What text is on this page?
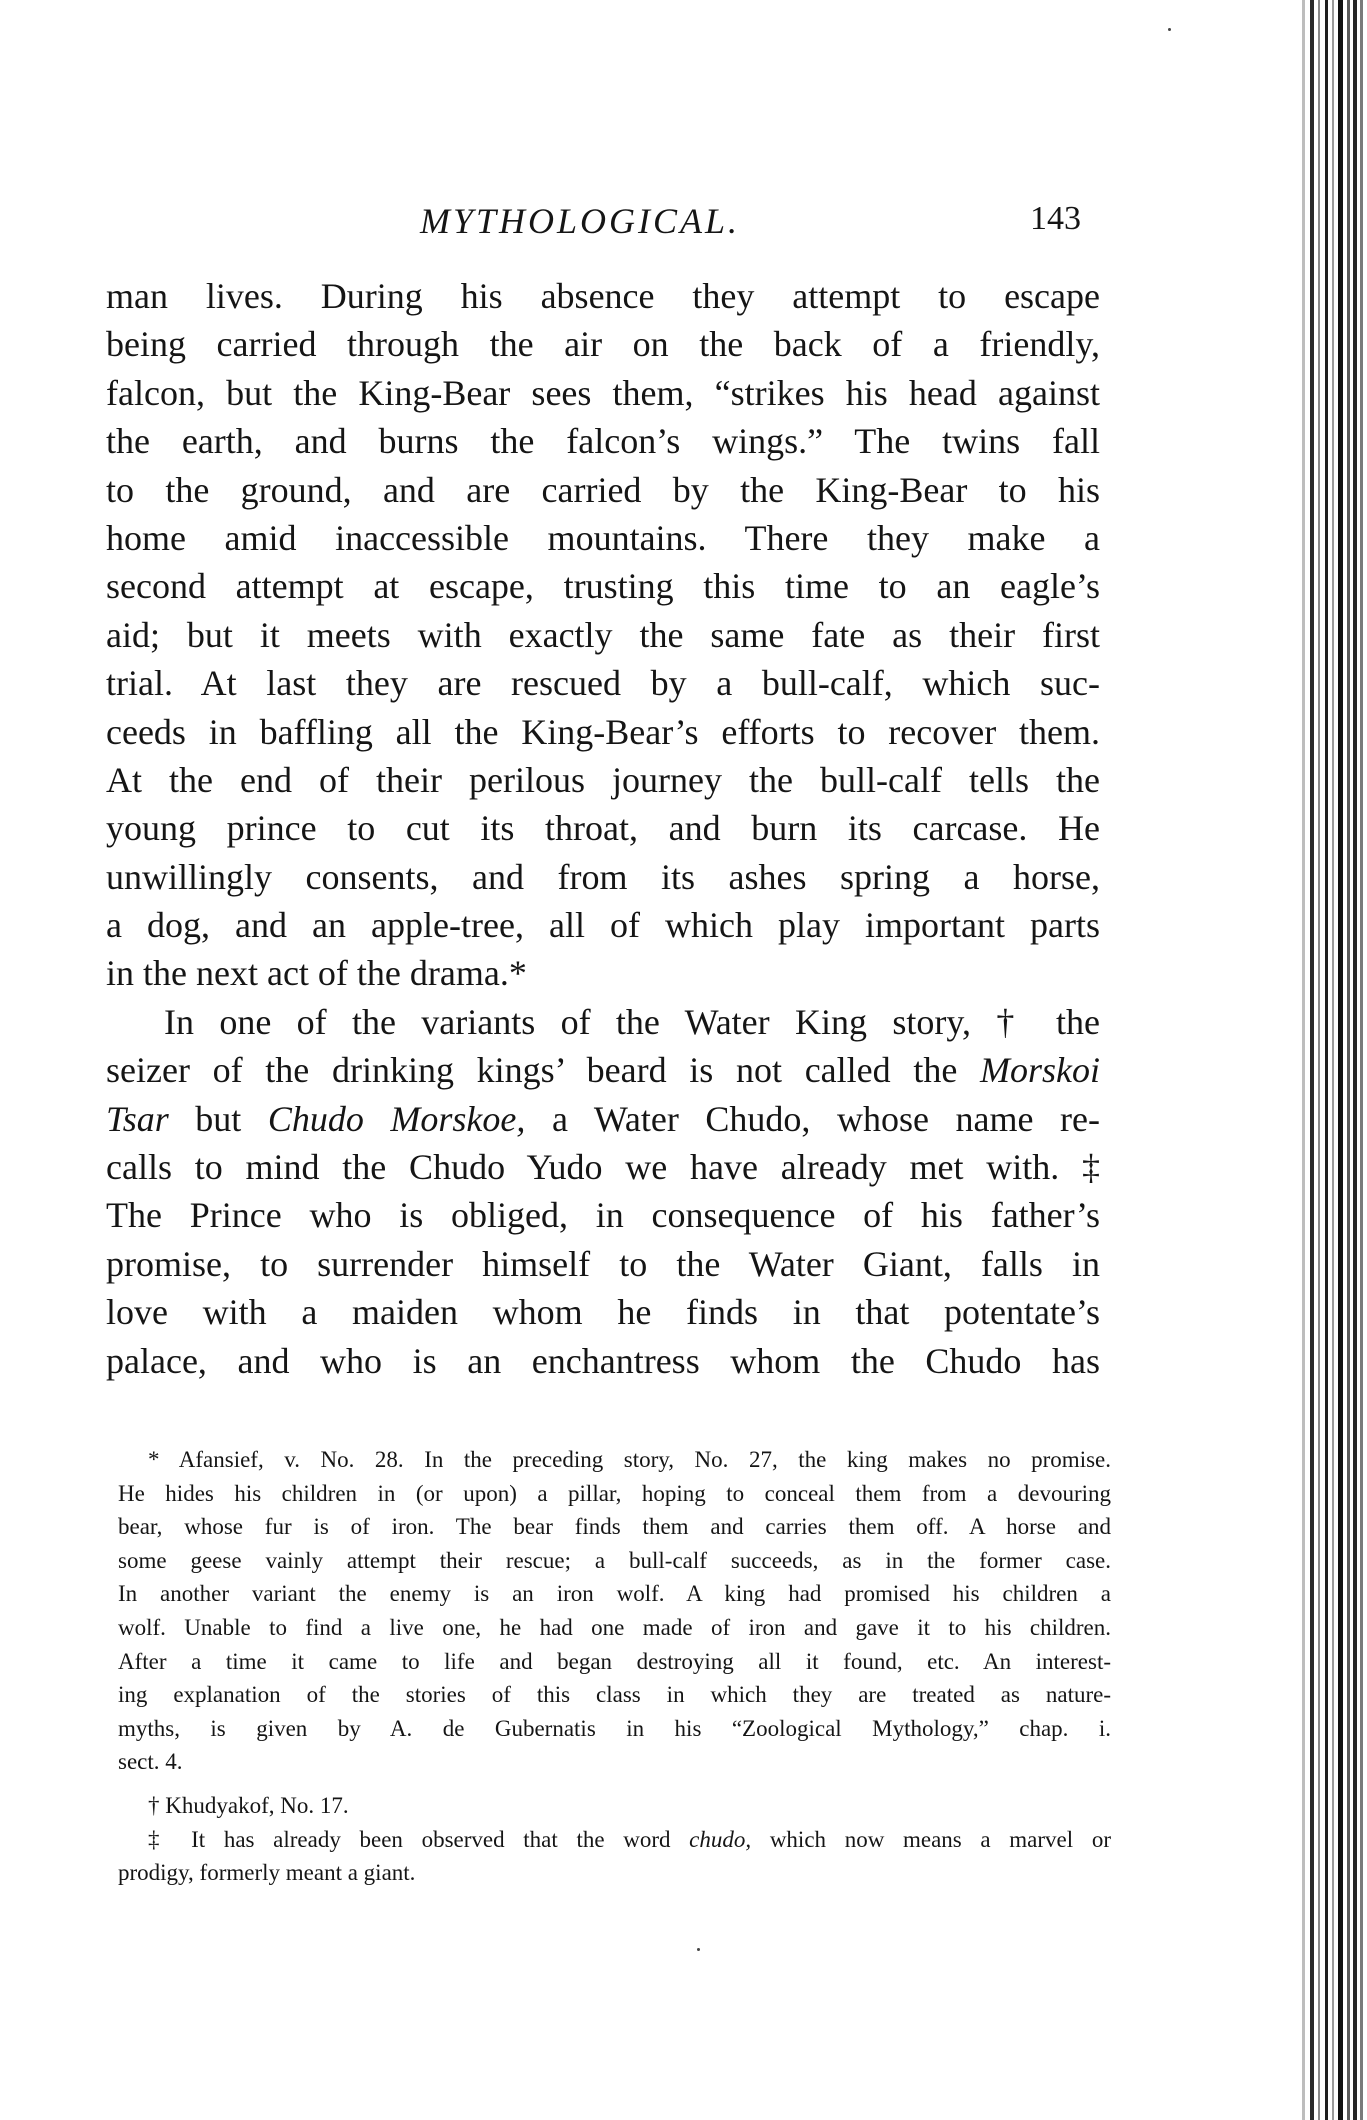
MYTHOLOGICAL.	143
man lives. During his absence they attempt to escape
being carried through the air on the back of a friendly,
falcon, but the King-Bear sees them, “strikes his head against
the earth, and burns the falcon’s wings.” The twins fall
to the ground, and are carried by the King-Bear to his
home amid inaccessible mountains. There they make a
second attempt at escape, trusting this time to an eagle’s
aid; but it meets with exactly the same fate as their first
trial. At last they are rescued by a bull-calf, which suc-
ceeds in baffling all the King-Bear’s efforts to recover them.
At the end of their perilous journey the bull-calf tells the
young prince to cut its throat, and burn its carcase. He
unwillingly consents, and from its ashes spring a horse,
a dog, and an apple-tree, all of which play important parts
in the next act of the drama.*
In one of the variants of the Water King story, † the
seizer of the drinking kings’ beard is not called the Morskoi
Tsar but Chudo Morskoe, a Water Chudo, whose name re-
calls to mind the Chudo Yudo we have already met with. ‡
The Prince who is obliged, in consequence of his father’s
promise, to surrender himself to the Water Giant, falls in
love with a maiden whom he finds in that potentate’s
palace, and who is an enchantress whom the Chudo has
* Afansief, v. No. 28. In the preceding story, No. 27, the king makes no promise.
He hides his children in (or upon) a pillar, hoping to conceal them from a devouring
bear, whose fur is of iron. The bear finds them and carries them off. A horse and
some geese vainly attempt their rescue; a bull-calf succeeds, as in the former case.
In another variant the enemy is an iron wolf. A king had promised his children a
wolf. Unable to find a live one, he had one made of iron and gave it to his children.
After a time it came to life and began destroying all it found, etc. An interest-
ing explanation of the stories of this class in which they are treated as nature-
myths, is given by A. de Gubernatis in his “Zoological Mythology,” chap. i.
sect. 4.
† Khudyakof, No. 17.
‡ It has already been observed that the word chudo, which now means a marvel or
prodigy, formerly meant a giant.
